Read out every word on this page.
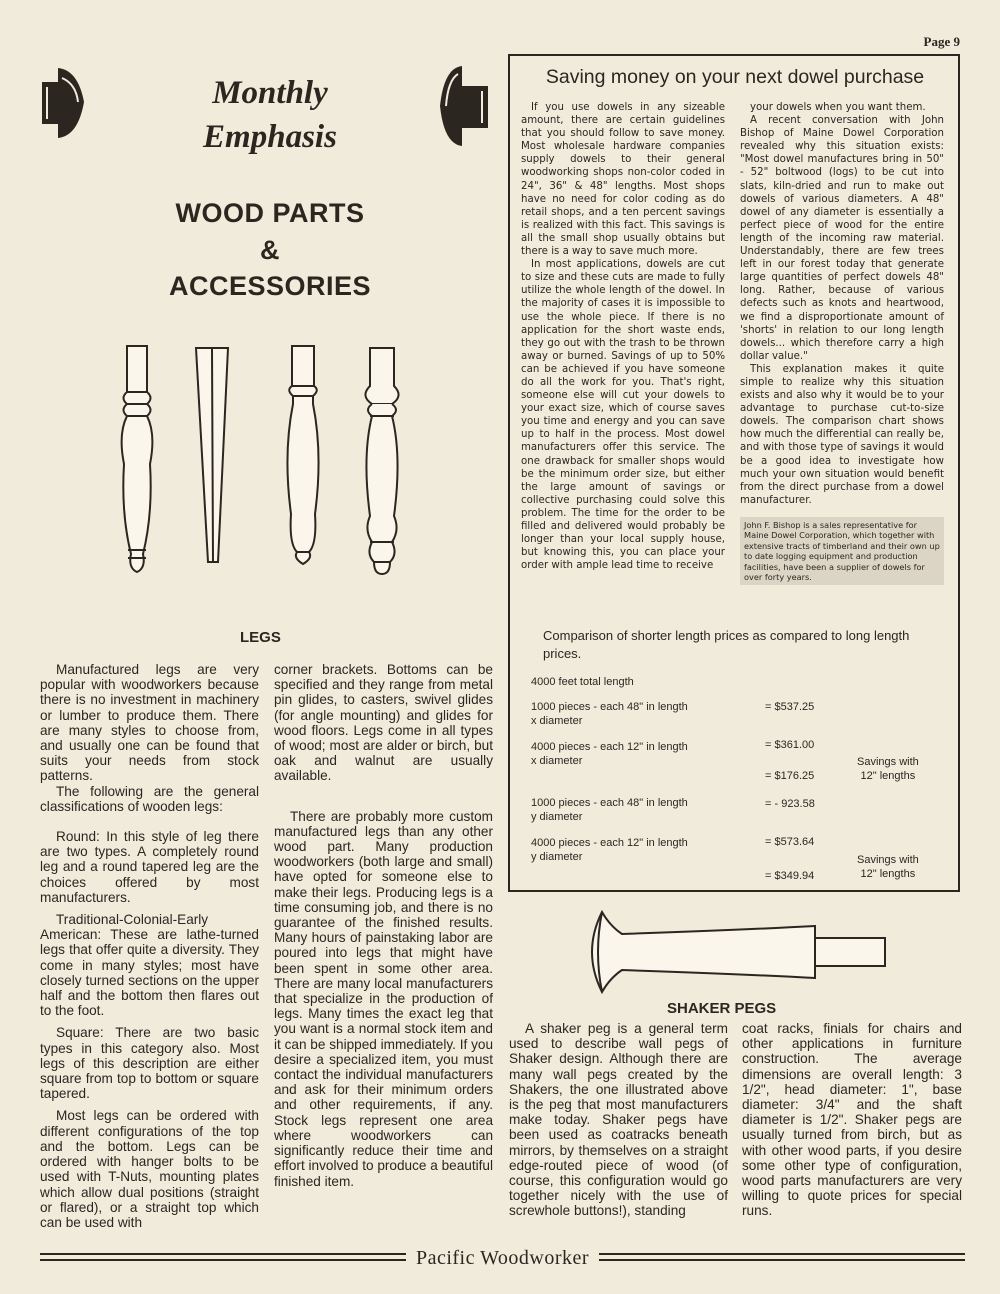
Page 9
Monthly
Emphasis
WOOD PARTS
&
ACCESSORIES
LEGS

Manufactured legs are very popular with woodworkers because there is no investment in machinery or lumber to produce them. There are many styles to choose from, and usually one can be found that suits your needs from stock patterns.

The following are the general classifications of wooden legs:

Round: In this style of leg there are two types. A completely round leg and a round tapered leg are the choices offered by most manufacturers.

Traditional-Colonial-Early American: These are lathe-turned legs that offer quite a diversity. They come in many styles; most have closely turned sections on the upper half and the bottom then flares out to the foot.

Square: There are two basic types in this category also. Most legs of this description are either square from top to bottom or square tapered.

Most legs can be ordered with different configurations of the top and the bottom. Legs can be ordered with hanger bolts to be used with T-Nuts, mounting plates which allow dual positions (straight or flared), or a straight top which can be used with

corner brackets. Bottoms can be specified and they range from metal pin glides, to casters, swivel glides (for angle mounting) and glides for wood floors. Legs come in all types of wood; most are alder or birch, but oak and walnut are usually available.

There are probably more custom manufactured legs than any other wood part. Many production woodworkers (both large and small) have opted for someone else to make their legs. Producing legs is a time consuming job, and there is no guarantee of the finished results. Many hours of painstaking labor are poured into legs that might have been spent in some other area. There are many local manufacturers that specialize in the production of legs. Many times the exact leg that you want is a normal stock item and it can be shipped immediately. If you desire a specialized item, you must contact the individual manufacturers and ask for their minimum orders and other requirements, if any. Stock legs represent one area where woodworkers can significantly reduce their time and effort involved to produce a beautiful finished item.

Saving money on your next dowel purchase

If you use dowels in any sizeable amount, there are certain guidelines that you should follow to save money. Most wholesale hardware companies supply dowels to their general woodworking shops non-color coded in 24", 36" & 48" lengths. Most shops have no need for color coding as do retail shops, and a ten percent savings is realized with this fact. This savings is all the small shop usually obtains but there is a way to save much more.

In most applications, dowels are cut to size and these cuts are made to fully utilize the whole length of the dowel. In the majority of cases it is impossible to use the whole piece. If there is no application for the short waste ends, they go out with the trash to be thrown away or burned. Savings of up to 50% can be achieved if you have someone do all the work for you. That's right, someone else will cut your dowels to your exact size, which of course saves you time and energy and you can save up to half in the process. Most dowel manufacturers offer this service. The one drawback for smaller shops would be the minimum order size, but either the large amount of savings or collective purchasing could solve this problem. The time for the order to be filled and delivered would probably be longer than your local supply house, but knowing this, you can place your order with ample lead time to receive

your dowels when you want them.

A recent conversation with John Bishop of Maine Dowel Corporation revealed why this situation exists: "Most dowel manufactures bring in 50" - 52" boltwood (logs) to be cut into slats, kiln-dried and run to make out dowels of various diameters. A 48" dowel of any diameter is essentially a perfect piece of wood for the entire length of the incoming raw material. Understandably, there are few trees left in our forest today that generate large quantities of perfect dowels 48" long. Rather, because of various defects such as knots and heartwood, we find a disproportionate amount of 'shorts' in relation to our long length dowels... which therefore carry a high dollar value."

This explanation makes it quite simple to realize why this situation exists and also why it would be to your advantage to purchase cut-to-size dowels. The comparison chart shows how much the differential can really be, and with those type of savings it would be a good idea to investigate how much your own situation would benefit from the direct purchase from a dowel manufacturer.

John F. Bishop is a sales representative for Maine Dowel Corporation, which together with extensive tracts of timberland and their own up to date logging equipment and production facilities, have been a supplier of dowels for over forty years.
Comparison of shorter length prices as compared to long length prices.
4000 feet total length
1000 pieces - each 48" in length
x diameter
= $537.25
4000 pieces - each 12" in length
x diameter
= $361.00
= $176.25
Savings with
12" lengths
1000 pieces - each 48" in length
y diameter
= - 923.58
4000 pieces - each 12" in length
y diameter
= $573.64
= $349.94
Savings with
12" lengths
SHAKER PEGS

A shaker peg is a general term used to describe wall pegs of Shaker design. Although there are many wall pegs created by the Shakers, the one illustrated above is the peg that most manufacturers make today. Shaker pegs have been used as coatracks beneath mirrors, by themselves on a straight edge-routed piece of wood (of course, this configuration would go together nicely with the use of screwhole buttons!), standing

coat racks, finials for chairs and other applications in furniture construction. The average dimensions are overall length: 3 1/2", head diameter: 1", base diameter: 3/4" and the shaft diameter is 1/2". Shaker pegs are usually turned from birch, but as with other wood parts, if you desire some other type of configuration, wood parts manufacturers are very willing to quote prices for special runs.

Pacific Woodworker
